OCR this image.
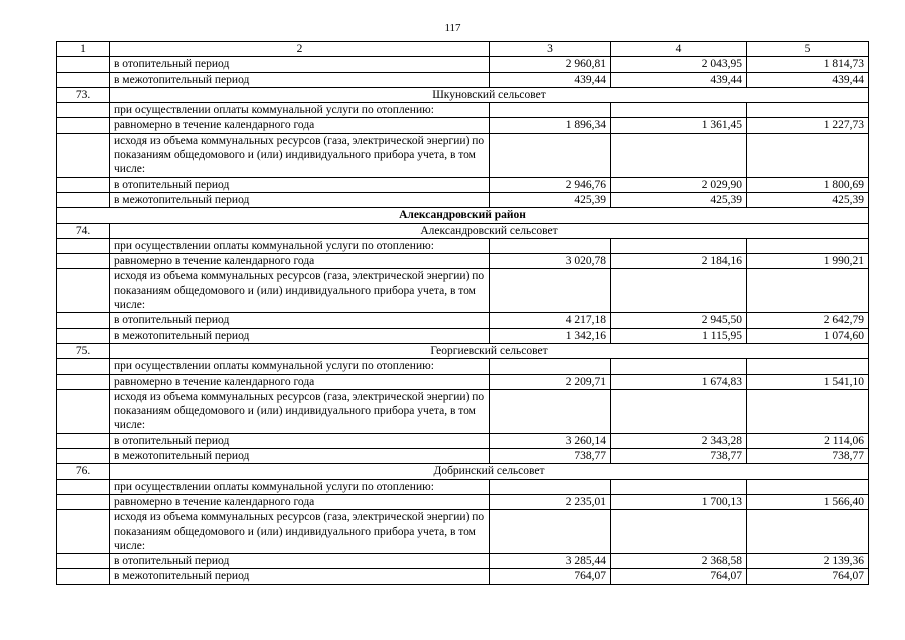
117
1	2	3	4	5
	в отопительный период	2 960,81	2 043,95	1 814,73
	в межотопительный период	439,44	439,44	439,44
73.	Шкуновский сельсовет			
	при осуществлении оплаты коммунальной услуги по отоплению:			
	равномерно в течение календарного года	1 896,34	1 361,45	1 227,73
	исходя из объема коммунальных ресурсов (газа, электрической энергии) по показаниям общедомового и (или) индивидуального прибора учета, в том числе:			
	в отопительный период	2 946,76	2 029,90	1 800,69
	в межотопительный период	425,39	425,39	425,39
Александровский район				
74.	Александровский сельсовет			
	при осуществлении оплаты коммунальной услуги по отоплению:			
	равномерно в течение календарного года	3 020,78	2 184,16	1 990,21
	исходя из объема коммунальных ресурсов (газа, электрической энергии) по показаниям общедомового и (или) индивидуального прибора учета, в том числе:			
	в отопительный период	4 217,18	2 945,50	2 642,79
	в межотопительный период	1 342,16	1 115,95	1 074,60
75.	Георгиевский сельсовет			
	при осуществлении оплаты коммунальной услуги по отоплению:			
	равномерно в течение календарного года	2 209,71	1 674,83	1 541,10
	исходя из объема коммунальных ресурсов (газа, электрической энергии) по показаниям общедомового и (или) индивидуального прибора учета, в том числе:			
	в отопительный период	3 260,14	2 343,28	2 114,06
	в межотопительный период	738,77	738,77	738,77
76.	Добринский сельсовет			
	при осуществлении оплаты коммунальной услуги по отоплению:			
	равномерно в течение календарного года	2 235,01	1 700,13	1 566,40
	исходя из объема коммунальных ресурсов (газа, электрической энергии) по показаниям общедомового и (или) индивидуального прибора учета, в том числе:			
	в отопительный период	3 285,44	2 368,58	2 139,36
	в межотопительный период	764,07	764,07	764,07
